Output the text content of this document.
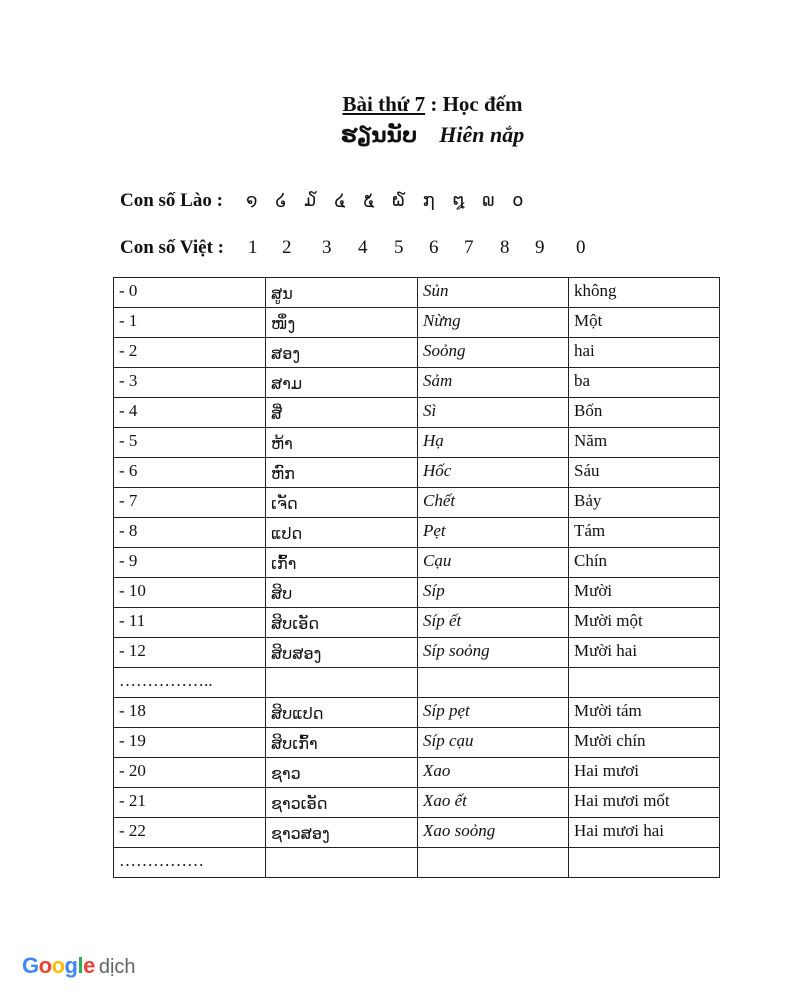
Bài thứ 7 : Học đếm
ຮຽນນັບ Hiên nắp
Con số Lào : ໑ ໒ ໓ ໔ ໕ ໖ ໗ ໘ ໙ ໐
Con số Việt : 1 2 3 4 5 6 7 8 9 0
- 0	ສູນ	Sủn	không
- 1	ໜຶ່ງ	Nừng	Một
- 2	ສອງ	Soỏng	hai
- 3	ສາມ	Sảm	ba
- 4	ສີ່	Sì	Bốn
- 5	ຫ້າ	Hạ	Năm
- 6	ຫົກ	Hốc	Sáu
- 7	ເຈັດ	Chết	Bảy
- 8	ແປດ	Pẹt	Tám
- 9	ເກົ້າ	Cạu	Chín
- 10	ສິບ	Síp	Mười
- 11	ສິບເອັດ	Síp ết	Mười một
- 12	ສິບສອງ	Síp soỏng	Mười hai
……………..			
- 18	ສິບແປດ	Síp pẹt	Mười tám
- 19	ສິບເກົ້າ	Síp cạu	Mười chín
- 20	ຊາວ	Xao	Hai mươi
- 21	ຊາວເອັດ	Xao ết	Hai mươi mốt
- 22	ຊາວສອງ	Xao soỏng	Hai mươi hai
……………			
Google dịch
